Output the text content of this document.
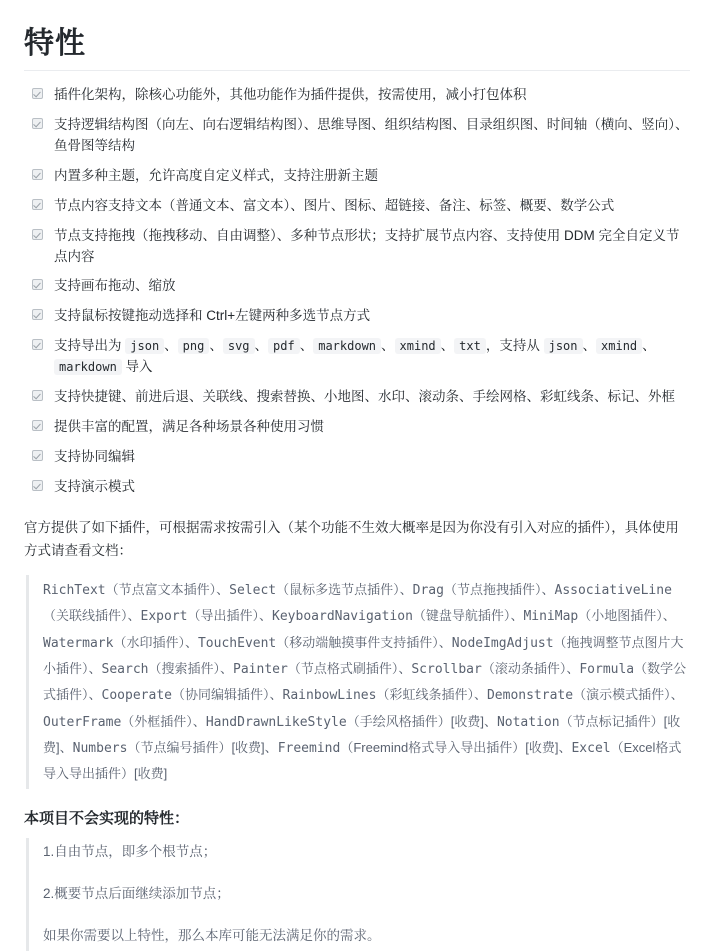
特性
插件化架构，除核心功能外，其他功能作为插件提供，按需使用，减小打包体积
支持逻辑结构图（向左、向右逻辑结构图）、思维导图、组织结构图、目录组织图、时间轴（横向、竖向）、鱼骨图等结构
内置多种主题，允许高度自定义样式，支持注册新主题
节点内容支持文本（普通文本、富文本）、图片、图标、超链接、备注、标签、概要、数学公式
节点支持拖拽（拖拽移动、自由调整）、多种节点形状；支持扩展节点内容、支持使用 DDM 完全自定义节点内容
支持画布拖动、缩放
支持鼠标按键拖动选择和 Ctrl+左键两种多选节点方式
支持导出为 json 、 png 、 svg 、 pdf 、 markdown 、 xmind 、 txt ，支持从 json 、 xmind 、markdown 导入
支持快捷键、前进后退、关联线、搜索替换、小地图、水印、滚动条、手绘网格、彩虹线条、标记、外框
提供丰富的配置，满足各种场景各种使用习惯
支持协同编辑
支持演示模式

官方提供了如下插件，可根据需求按需引入（某个功能不生效大概率是因为你没有引入对应的插件），具体使用方式请查看文档：

RichText（节点富文本插件）、Select（鼠标多选节点插件）、Drag（节点拖拽插件）、AssociativeLine（关联线插件）、Export（导出插件）、KeyboardNavigation（键盘导航插件）、MiniMap（小地图插件）、Watermark（水印插件）、TouchEvent（移动端触摸事件支持插件）、NodeImgAdjust（拖拽调整节点图片大小插件）、Search（搜索插件）、Painter（节点格式刷插件）、Scrollbar（滚动条插件）、Formula（数学公式插件）、Cooperate（协同编辑插件）、RainbowLines（彩虹线条插件）、Demonstrate（演示模式插件）、OuterFrame（外框插件）、HandDrawnLikeStyle（手绘风格插件）[收费]、Notation（节点标记插件）[收费]、Numbers（节点编号插件）[收费]、Freemind（Freemind格式导入导出插件）[收费]、Excel（Excel格式导入导出插件）[收费]
本项目不会实现的特性：

1.自由节点，即多个根节点；

2.概要节点后面继续添加节点；

如果你需要以上特性，那么本库可能无法满足你的需求。
